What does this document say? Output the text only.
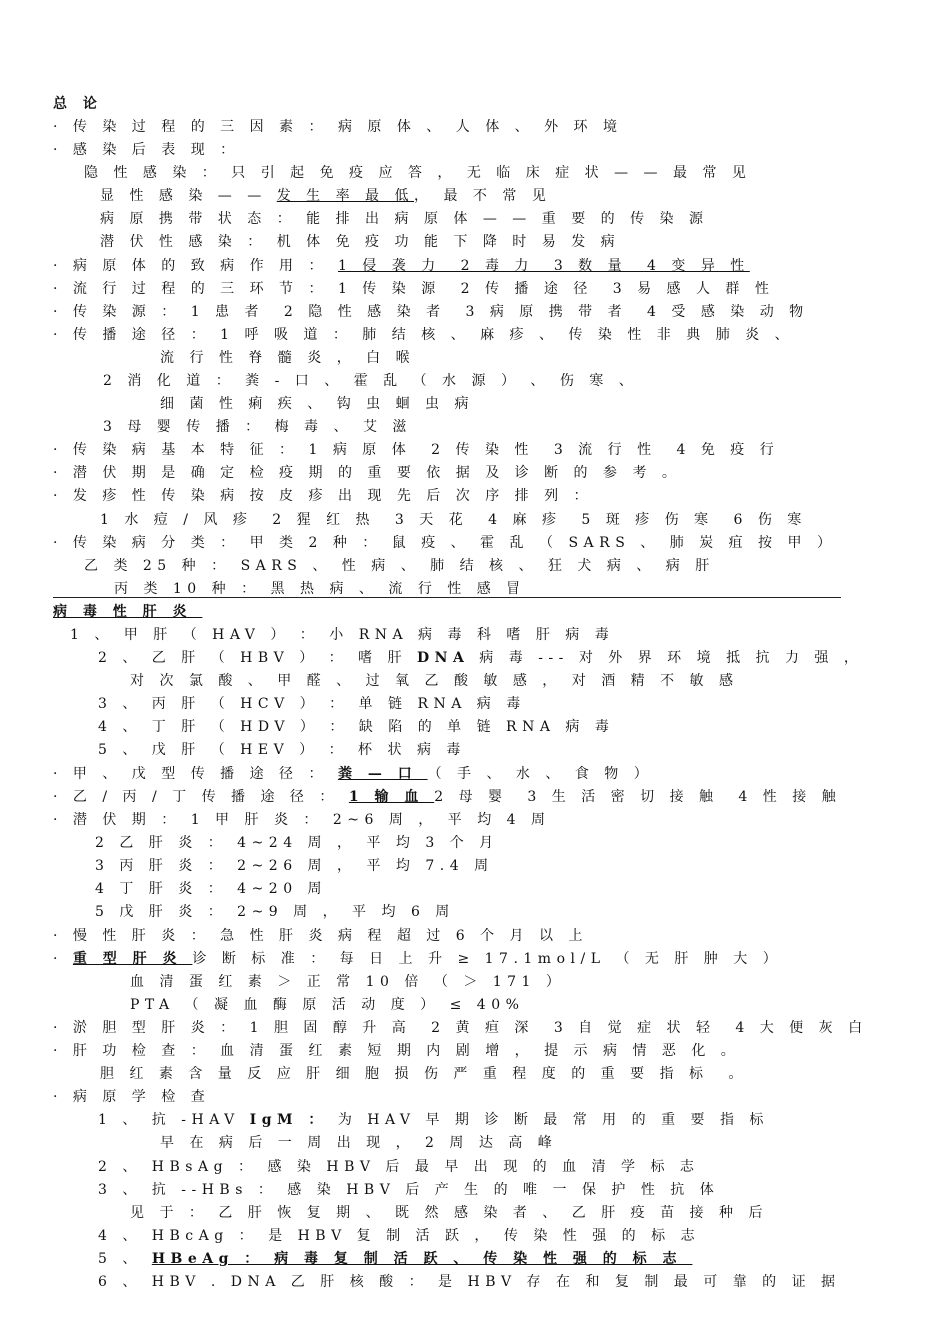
总 论
· 传 染 过 程 的 三 因 素 ： 病 原 体 、 人 体 、 外 环 境
· 感 染 后 表 现 ：
隐 性 感 染 ： 只 引 起 免 疫 应 答 ， 无 临 床 症 状 — — 最 常 见
显 性 感 染 — — 发 生 率 最 低， 最 不 常 见
病 原 携 带 状 态 ： 能 排 出 病 原 体 — — 重 要 的 传 染 源
潜 伏 性 感 染 ： 机 体 免 疫 功 能 下 降 时 易 发 病
· 病 原 体 的 致 病 作 用 ： 1 侵 袭 力  2 毒 力  3 数 量  4 变 异 性
· 流 行 过 程 的 三 环 节 ： 1 传 染 源  2 传 播 途 径  3 易 感 人 群 性
· 传 染 源 ： 1 患 者  2 隐 性 感 染 者  3 病 原 携 带 者  4 受 感 染 动 物
· 传 播 途 径 ： 1 呼 吸 道 ： 肺 结 核 、 麻 疹 、 传 染 性 非 典 肺 炎 、
流 行 性 脊 髓 炎 ， 白 喉
2 消 化 道 ： 粪 - 口 、 霍 乱 （ 水 源 ） 、 伤 寒 、
细 菌 性 痢 疾 、 钩 虫 蛔 虫 病
3 母 婴 传 播 ： 梅 毒 、 艾 滋
· 传 染 病 基 本 特 征 ： 1 病 原 体  2 传 染 性  3 流 行 性  4 免 疫 行
· 潜 伏 期 是 确 定 检 疫 期 的 重 要 依 据 及 诊 断 的 参 考 。
· 发 疹 性 传 染 病 按 皮 疹 出 现 先 后 次 序 排 列 ：
1 水 痘 / 风 疹  2 猩 红 热  3 天 花  4 麻 疹  5 斑 疹 伤 寒  6 伤 寒
· 传 染 病 分 类 ： 甲 类 2 种 ： 鼠 疫 、 霍 乱 （ SARS 、 肺 炭 疽 按 甲 ）
乙 类 25 种 ： SARS 、 性 病 、 肺 结 核 、 狂 犬 病 、 病 肝
丙 类 10 种 ： 黑 热 病 、 流 行 性 感 冒
病 毒 性 肝 炎
1 、 甲 肝 （ HAV ） ： 小 RNA 病 毒 科 嗜 肝 病 毒
2 、 乙 肝 （ HBV ） ： 嗜 肝 DNA 病 毒 --- 对 外 界 环 境 抵 抗 力 强 ，
对 次 氯 酸 、 甲 醛 、 过 氧 乙 酸 敏 感 ， 对 酒 精 不 敏 感
3 、 丙 肝 （ HCV ） ： 单 链 RNA 病 毒
4 、 丁 肝 （ HDV ） ： 缺 陷 的 单 链 RNA 病 毒
5 、 戊 肝 （ HEV ） ： 杯 状 病 毒
· 甲 、 戊 型 传 播 途 径 ： 粪 — 口 （ 手 、 水 、 食 物 ）
· 乙 / 丙 / 丁 传 播 途 径 ： 1 输 血 2 母 婴  3 生 活 密 切 接 触  4 性 接 触
· 潜 伏 期 ： 1 甲 肝 炎 ： 2~6 周 ， 平 均 4 周
2 乙 肝 炎 ： 4~24 周 ， 平 均 3 个 月
3 丙 肝 炎 ： 2~26 周 ， 平 均 7.4 周
4 丁 肝 炎 ： 4~20 周
5 戊 肝 炎 ： 2~9 周 ， 平 均 6 周
· 慢 性 肝 炎 ： 急 性 肝 炎 病 程 超 过 6 个 月 以 上
· 重 型 肝 炎 诊 断 标 准 ： 每 日 上 升 ≥ 17.1mol/L （ 无 肝 肿 大 ）
血 清 蛋 红 素 ＞ 正 常 10 倍 （ ＞ 171 ）
PTA （ 凝 血 酶 原 活 动 度 ） ≤ 40%
· 淤 胆 型 肝 炎 ： 1 胆 固 醇 升 高  2 黄 疸 深  3 自 觉 症 状 轻  4 大 便 灰 白
· 肝 功 检 查 ： 血 清 蛋 红 素 短 期 内 剧 增 ， 提 示 病 情 恶 化 。
胆 红 素 含 量 反 应 肝 细 胞 损 伤 严 重 程 度 的 重 要 指 标  。
· 病 原 学 检 查
1 、 抗 -HAV IgM ： 为 HAV 早 期 诊 断 最 常 用 的 重 要 指 标
早 在 病 后 一 周 出 现 ， 2 周 达 高 峰
2 、 HBsAg ： 感 染 HBV 后 最 早 出 现 的 血 清 学 标 志
3 、 抗 --HBs ： 感 染 HBV 后 产 生 的 唯 一 保 护 性 抗 体
见 于 ： 乙 肝 恢 复 期 、 既 然 感 染 者 、 乙 肝 疫 苗 接 种 后
4 、 HBcAg ： 是 HBV 复 制 活 跃 ， 传 染 性 强 的 标 志
5 、 HBeAg ： 病 毒 复 制 活 跃 、 传 染 性 强 的 标 志
6 、 HBV . DNA 乙 肝 核 酸 ： 是 HBV 存 在 和 复 制 最 可 靠 的 证 据
